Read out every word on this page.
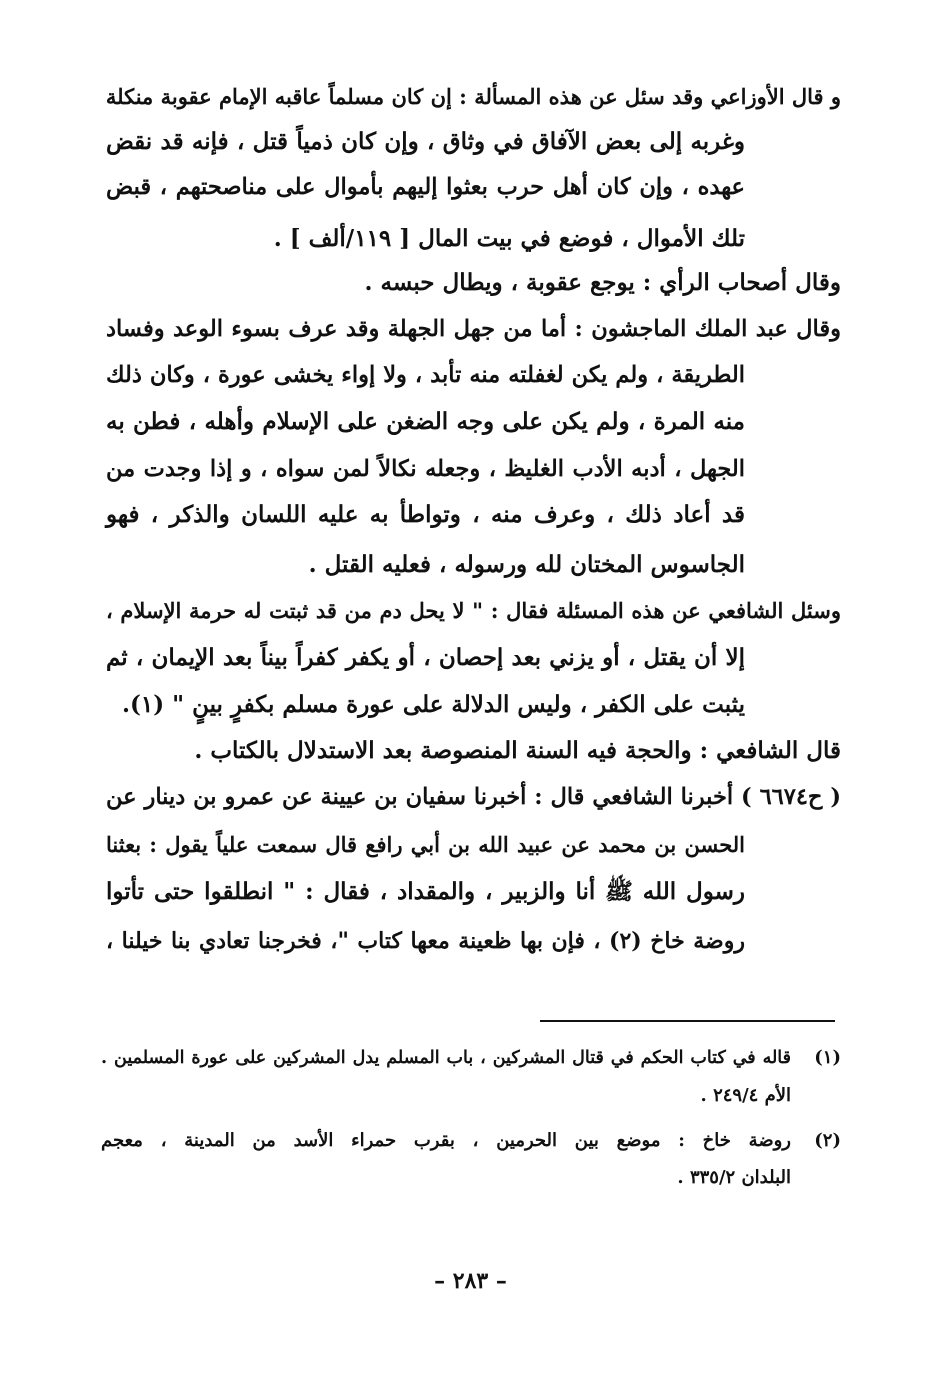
و قال الأوزاعي وقد سئل عن هذه المسألة : إن كان مسلماً عاقبه الإمام عقوبة منكلة
وغربه إلى بعض الآفاق في وثاق ، وإن كان ذمياً قتل ، فإنه قد نقض
عهده ، وإن كان أهل حرب بعثوا إليهم بأموال على مناصحتهم ، قبض
تلك الأموال ، فوضع في بيت المال [ ١١٩/ألف ] .
وقال أصحاب الرأي : يوجع عقوبة ، ويطال حبسه .
وقال عبد الملك الماجشون : أما من جهل الجهلة وقد عرف بسوء الوعد وفساد
الطريقة ، ولم يكن لغفلته منه تأبد ، ولا إواء يخشى عورة ، وكان ذلك
منه المرة ، ولم يكن على وجه الضغن على الإسلام وأهله ، فطن به
الجهل ، أدبه الأدب الغليظ ، وجعله نكالاً لمن سواه ، و إذا وجدت من
قد أعاد ذلك ، وعرف منه ، وتواطأ به عليه اللسان والذكر ، فهو
الجاسوس المختان لله ورسوله ، فعليه القتل .
وسئل الشافعي عن هذه المسئلة فقال : " لا يحل دم من قد ثبتت له حرمة الإسلام ،
إلا أن يقتل ، أو يزني بعد إحصان ، أو يكفر كفراً بيناً بعد الإيمان ، ثم
يثبت على الكفر ، وليس الدلالة على عورة مسلم بكفرٍ بينٍ " (١).
قال الشافعي : والحجة فيه السنة المنصوصة بعد الاستدلال بالكتاب .
( ح٦٦٧٤ ) أخبرنا الشافعي قال : أخبرنا سفيان بن عيينة عن عمرو بن دينار عن
الحسن بن محمد عن عبيد الله بن أبي رافع قال سمعت علياً يقول : بعثنا
رسول الله ﷺ أنا والزبير ، والمقداد ، فقال : " انطلقوا حتى تأتوا
روضة خاخ (٢) ، فإن بها ظعينة معها كتاب "، فخرجنا تعادي بنا خيلنا ،
(١)
قاله في كتاب الحكم في قتال المشركين ، باب المسلم يدل المشركين على عورة المسلمين .
الأم ٢٤٩/٤ .
(٢)
روضة خاخ : موضع بين الحرمين ، بقرب حمراء الأسد من المدينة ، معجم
البلدان ٣٣٥/٢ .
– ٢٨٣ –
